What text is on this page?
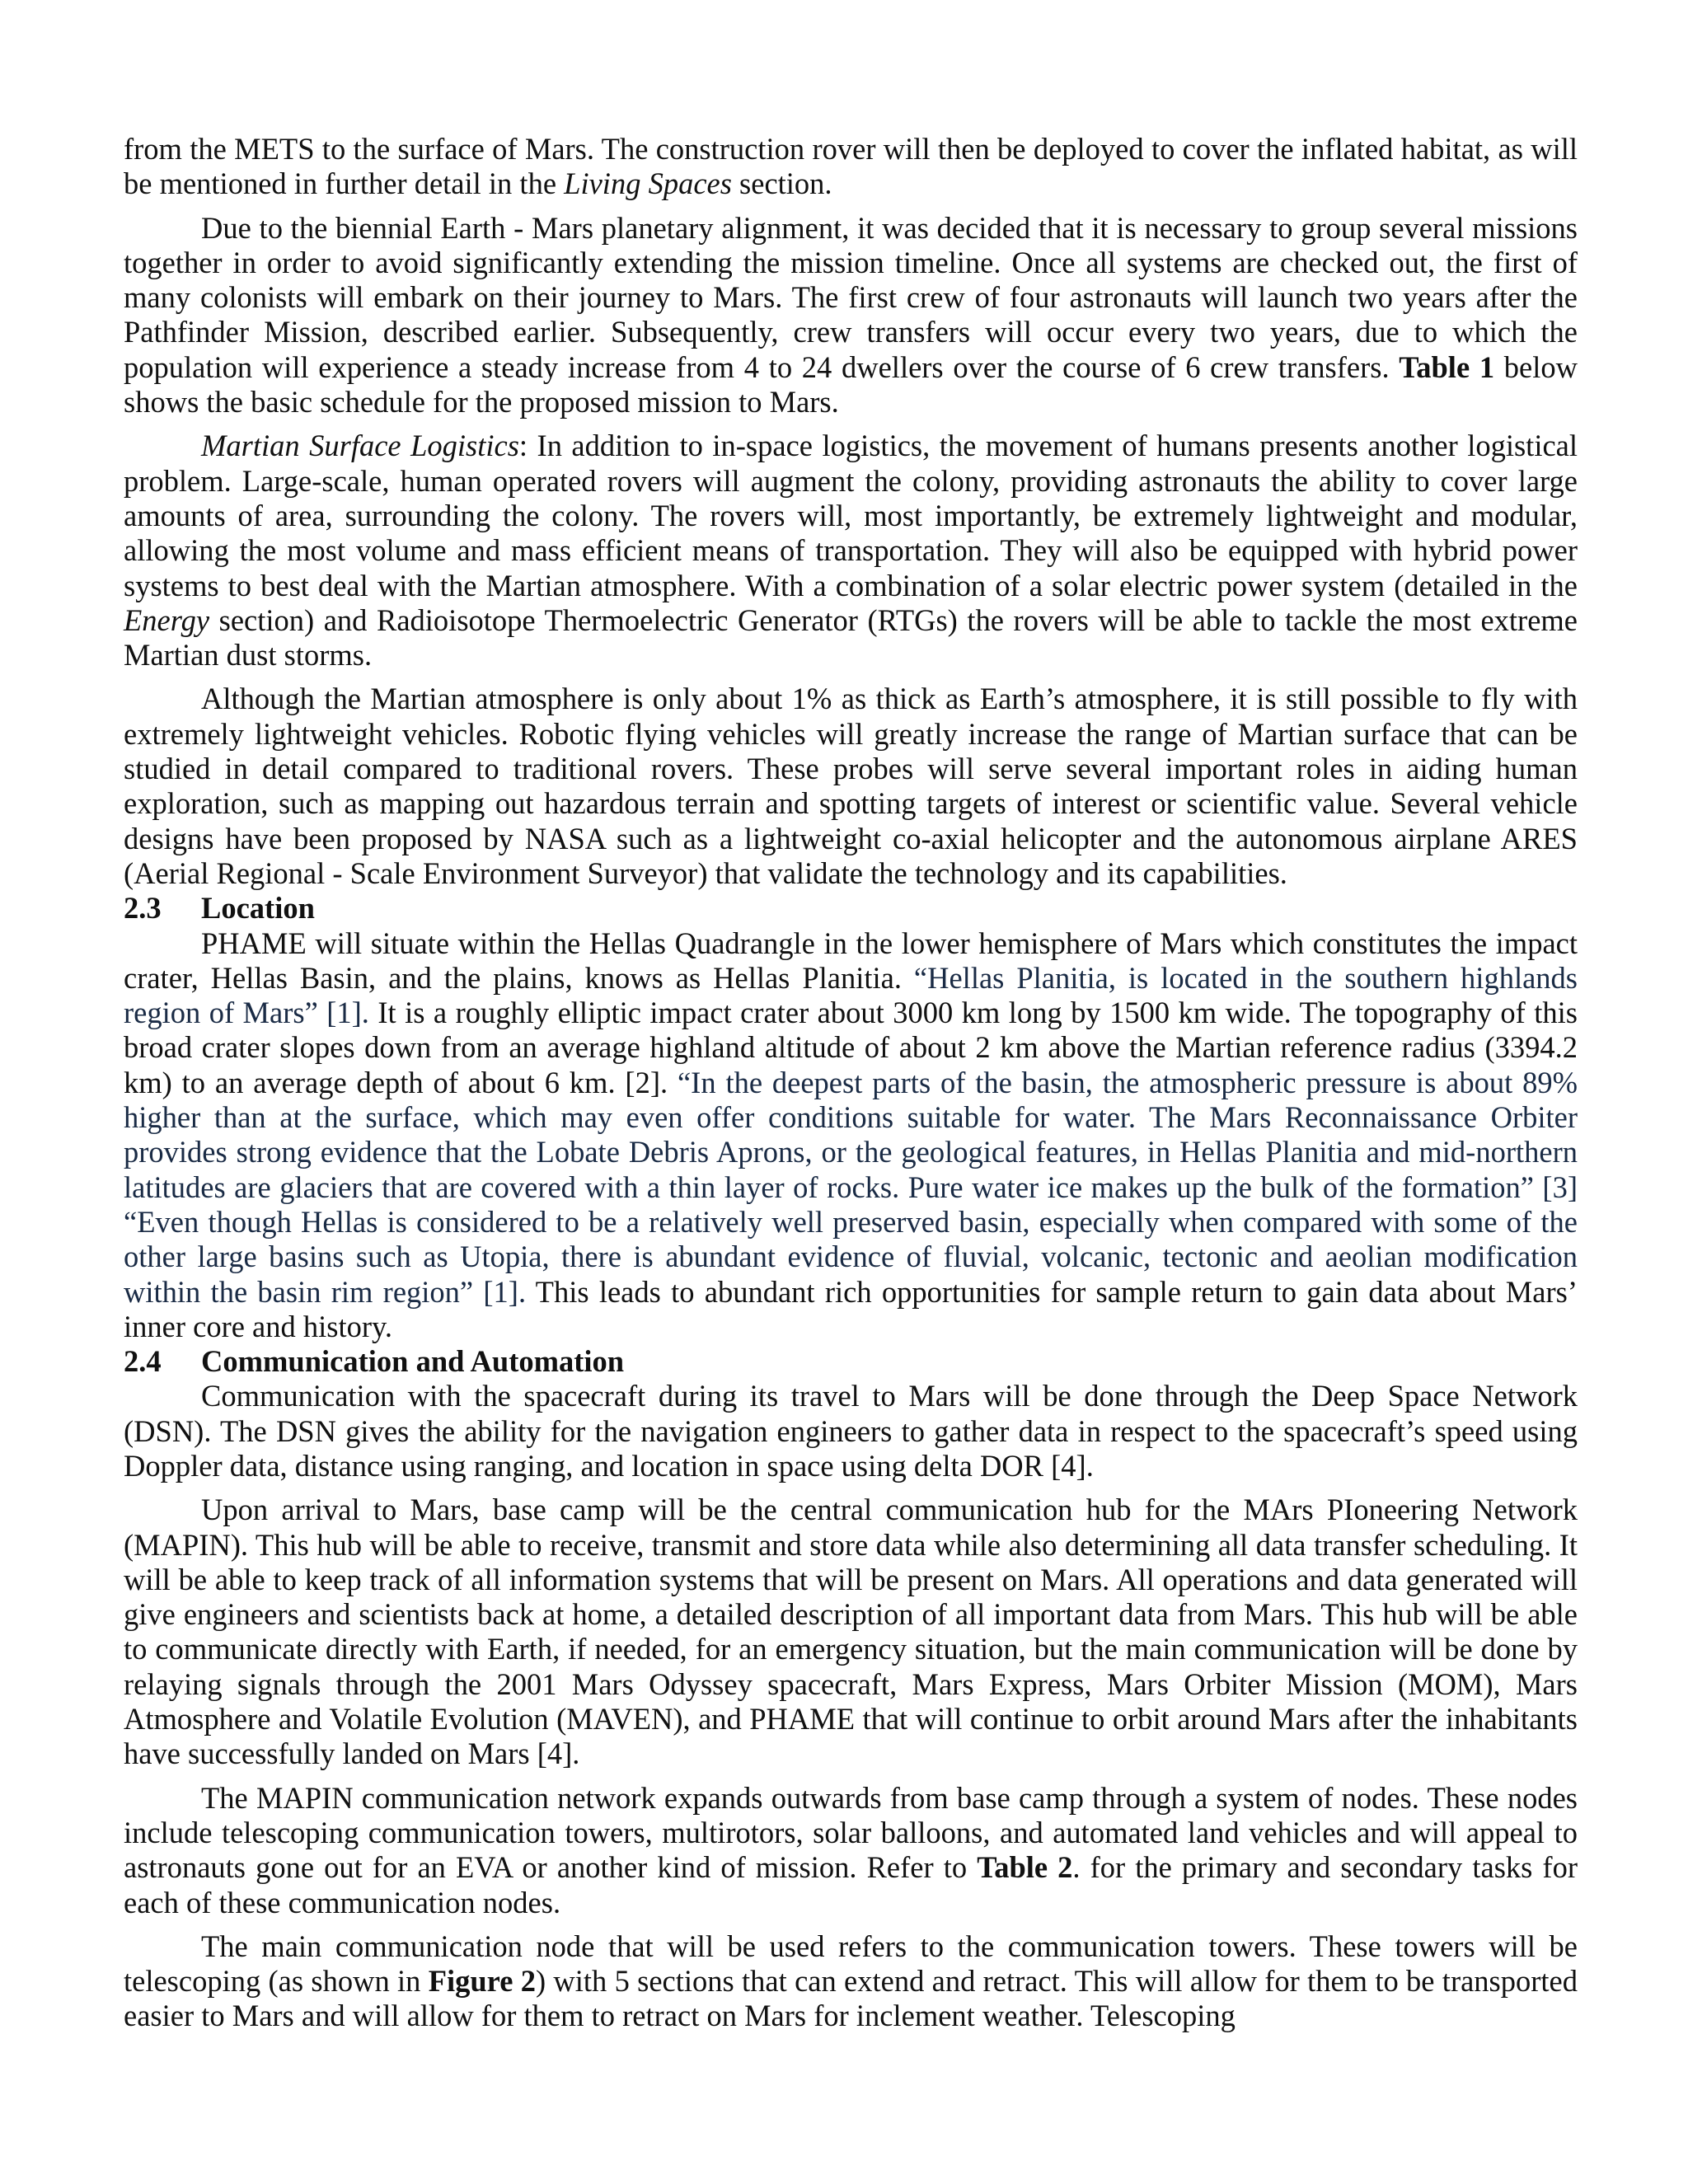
from the METS to the surface of Mars. The construction rover will then be deployed to cover the inflated habitat, as will be mentioned in further detail in the Living Spaces section.

Due to the biennial Earth - Mars planetary alignment, it was decided that it is necessary to group several missions together in order to avoid significantly extending the mission timeline. Once all systems are checked out, the first of many colonists will embark on their journey to Mars. The first crew of four astronauts will launch two years after the Pathfinder Mission, described earlier. Subsequently, crew transfers will occur every two years, due to which the population will experience a steady increase from 4 to 24 dwellers over the course of 6 crew transfers. Table 1 below shows the basic schedule for the proposed mission to Mars.

Martian Surface Logistics: In addition to in-space logistics, the movement of humans presents another logistical problem. Large-scale, human operated rovers will augment the colony, providing astronauts the ability to cover large amounts of area, surrounding the colony. The rovers will, most importantly, be extremely lightweight and modular, allowing the most volume and mass efficient means of transportation. They will also be equipped with hybrid power systems to best deal with the Martian atmosphere. With a combination of a solar electric power system (detailed in the Energy section) and Radioisotope Thermoelectric Generator (RTGs) the rovers will be able to tackle the most extreme Martian dust storms.

Although the Martian atmosphere is only about 1% as thick as Earth’s atmosphere, it is still possible to fly with extremely lightweight vehicles. Robotic flying vehicles will greatly increase the range of Martian surface that can be studied in detail compared to traditional rovers. These probes will serve several important roles in aiding human exploration, such as mapping out hazardous terrain and spotting targets of interest or scientific value. Several vehicle designs have been proposed by NASA such as a lightweight co-axial helicopter and the autonomous airplane ARES (Aerial Regional - Scale Environment Surveyor) that validate the technology and its capabilities.

2.3 Location

PHAME will situate within the Hellas Quadrangle in the lower hemisphere of Mars which constitutes the impact crater, Hellas Basin, and the plains, knows as Hellas Planitia. “Hellas Planitia, is located in the southern highlands region of Mars” [1]. It is a roughly elliptic impact crater about 3000 km long by 1500 km wide. The topography of this broad crater slopes down from an average highland altitude of about 2 km above the Martian reference radius (3394.2 km) to an average depth of about 6 km. [2]. “In the deepest parts of the basin, the atmospheric pressure is about 89% higher than at the surface, which may even offer conditions suitable for water. The Mars Reconnaissance Orbiter provides strong evidence that the Lobate Debris Aprons, or the geological features, in Hellas Planitia and mid-northern latitudes are glaciers that are covered with a thin layer of rocks. Pure water ice makes up the bulk of the formation” [3] “Even though Hellas is considered to be a relatively well preserved basin, especially when compared with some of the other large basins such as Utopia, there is abundant evidence of fluvial, volcanic, tectonic and aeolian modification within the basin rim region” [1]. This leads to abundant rich opportunities for sample return to gain data about Mars’ inner core and history.

2.4 Communication and Automation

Communication with the spacecraft during its travel to Mars will be done through the Deep Space Network (DSN). The DSN gives the ability for the navigation engineers to gather data in respect to the spacecraft’s speed using Doppler data, distance using ranging, and location in space using delta DOR [4].

Upon arrival to Mars, base camp will be the central communication hub for the MArs PIoneering Network (MAPIN). This hub will be able to receive, transmit and store data while also determining all data transfer scheduling. It will be able to keep track of all information systems that will be present on Mars. All operations and data generated will give engineers and scientists back at home, a detailed description of all important data from Mars. This hub will be able to communicate directly with Earth, if needed, for an emergency situation, but the main communication will be done by relaying signals through the 2001 Mars Odyssey spacecraft, Mars Express, Mars Orbiter Mission (MOM), Mars Atmosphere and Volatile Evolution (MAVEN), and PHAME that will continue to orbit around Mars after the inhabitants have successfully landed on Mars [4].

The MAPIN communication network expands outwards from base camp through a system of nodes. These nodes include telescoping communication towers, multirotors, solar balloons, and automated land vehicles and will appeal to astronauts gone out for an EVA or another kind of mission. Refer to Table 2. for the primary and secondary tasks for each of these communication nodes.

The main communication node that will be used refers to the communication towers. These towers will be telescoping (as shown in Figure 2) with 5 sections that can extend and retract. This will allow for them to be transported easier to Mars and will allow for them to retract on Mars for inclement weather. Telescoping
